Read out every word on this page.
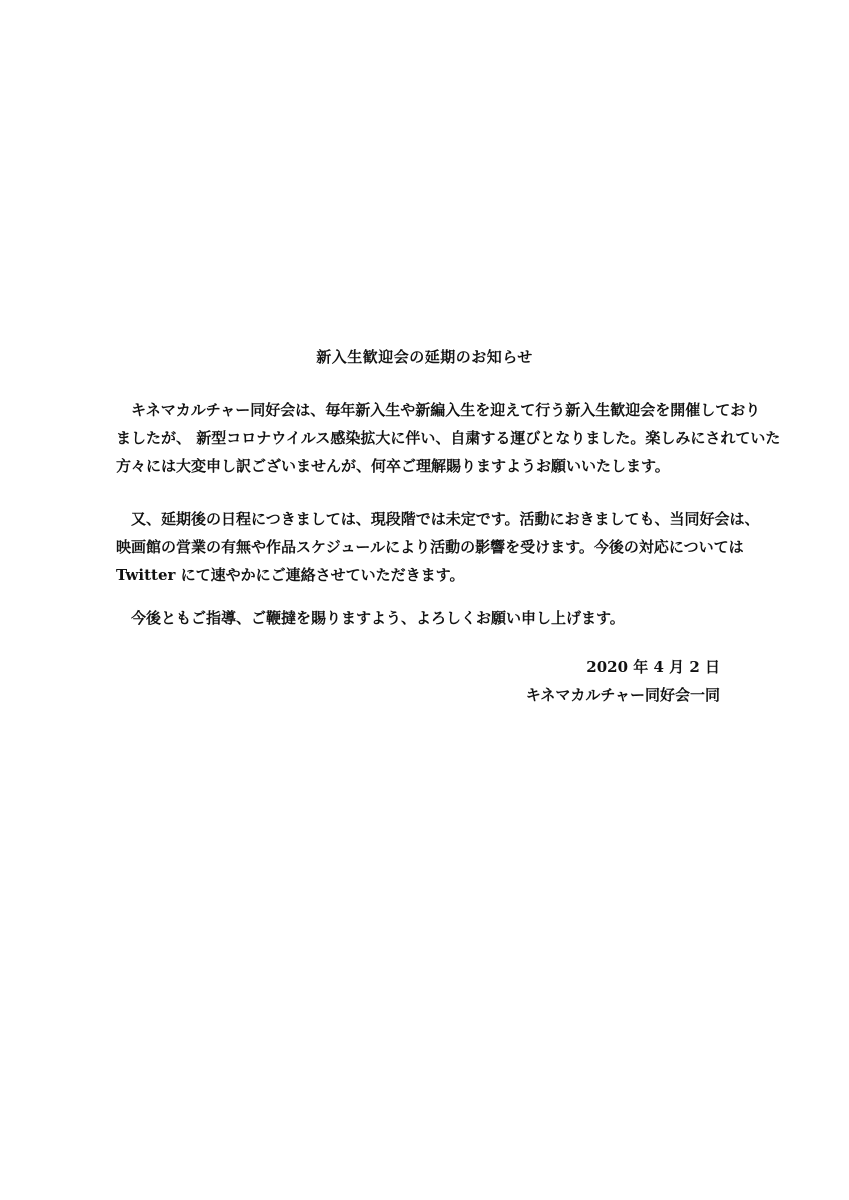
新入生歓迎会の延期のお知らせ
キネマカルチャー同好会は、毎年新入生や新編入生を迎えて行う新入生歓迎会を開催しており
ましたが、 新型コロナウイルス感染拡大に伴い、自粛する運びとなりました。楽しみにされていた
方々には大変申し訳ございませんが、何卒ご理解賜りますようお願いいたします。
又、延期後の日程につきましては、現段階では未定です。活動におきましても、当同好会は、
映画館の営業の有無や作品スケジュールにより活動の影響を受けます。今後の対応については
Twitter にて速やかにご連絡させていただきます。
今後ともご指導、ご鞭撻を賜りますよう、よろしくお願い申し上げます。
2020 年 4 月 2 日
キネマカルチャー同好会一同
